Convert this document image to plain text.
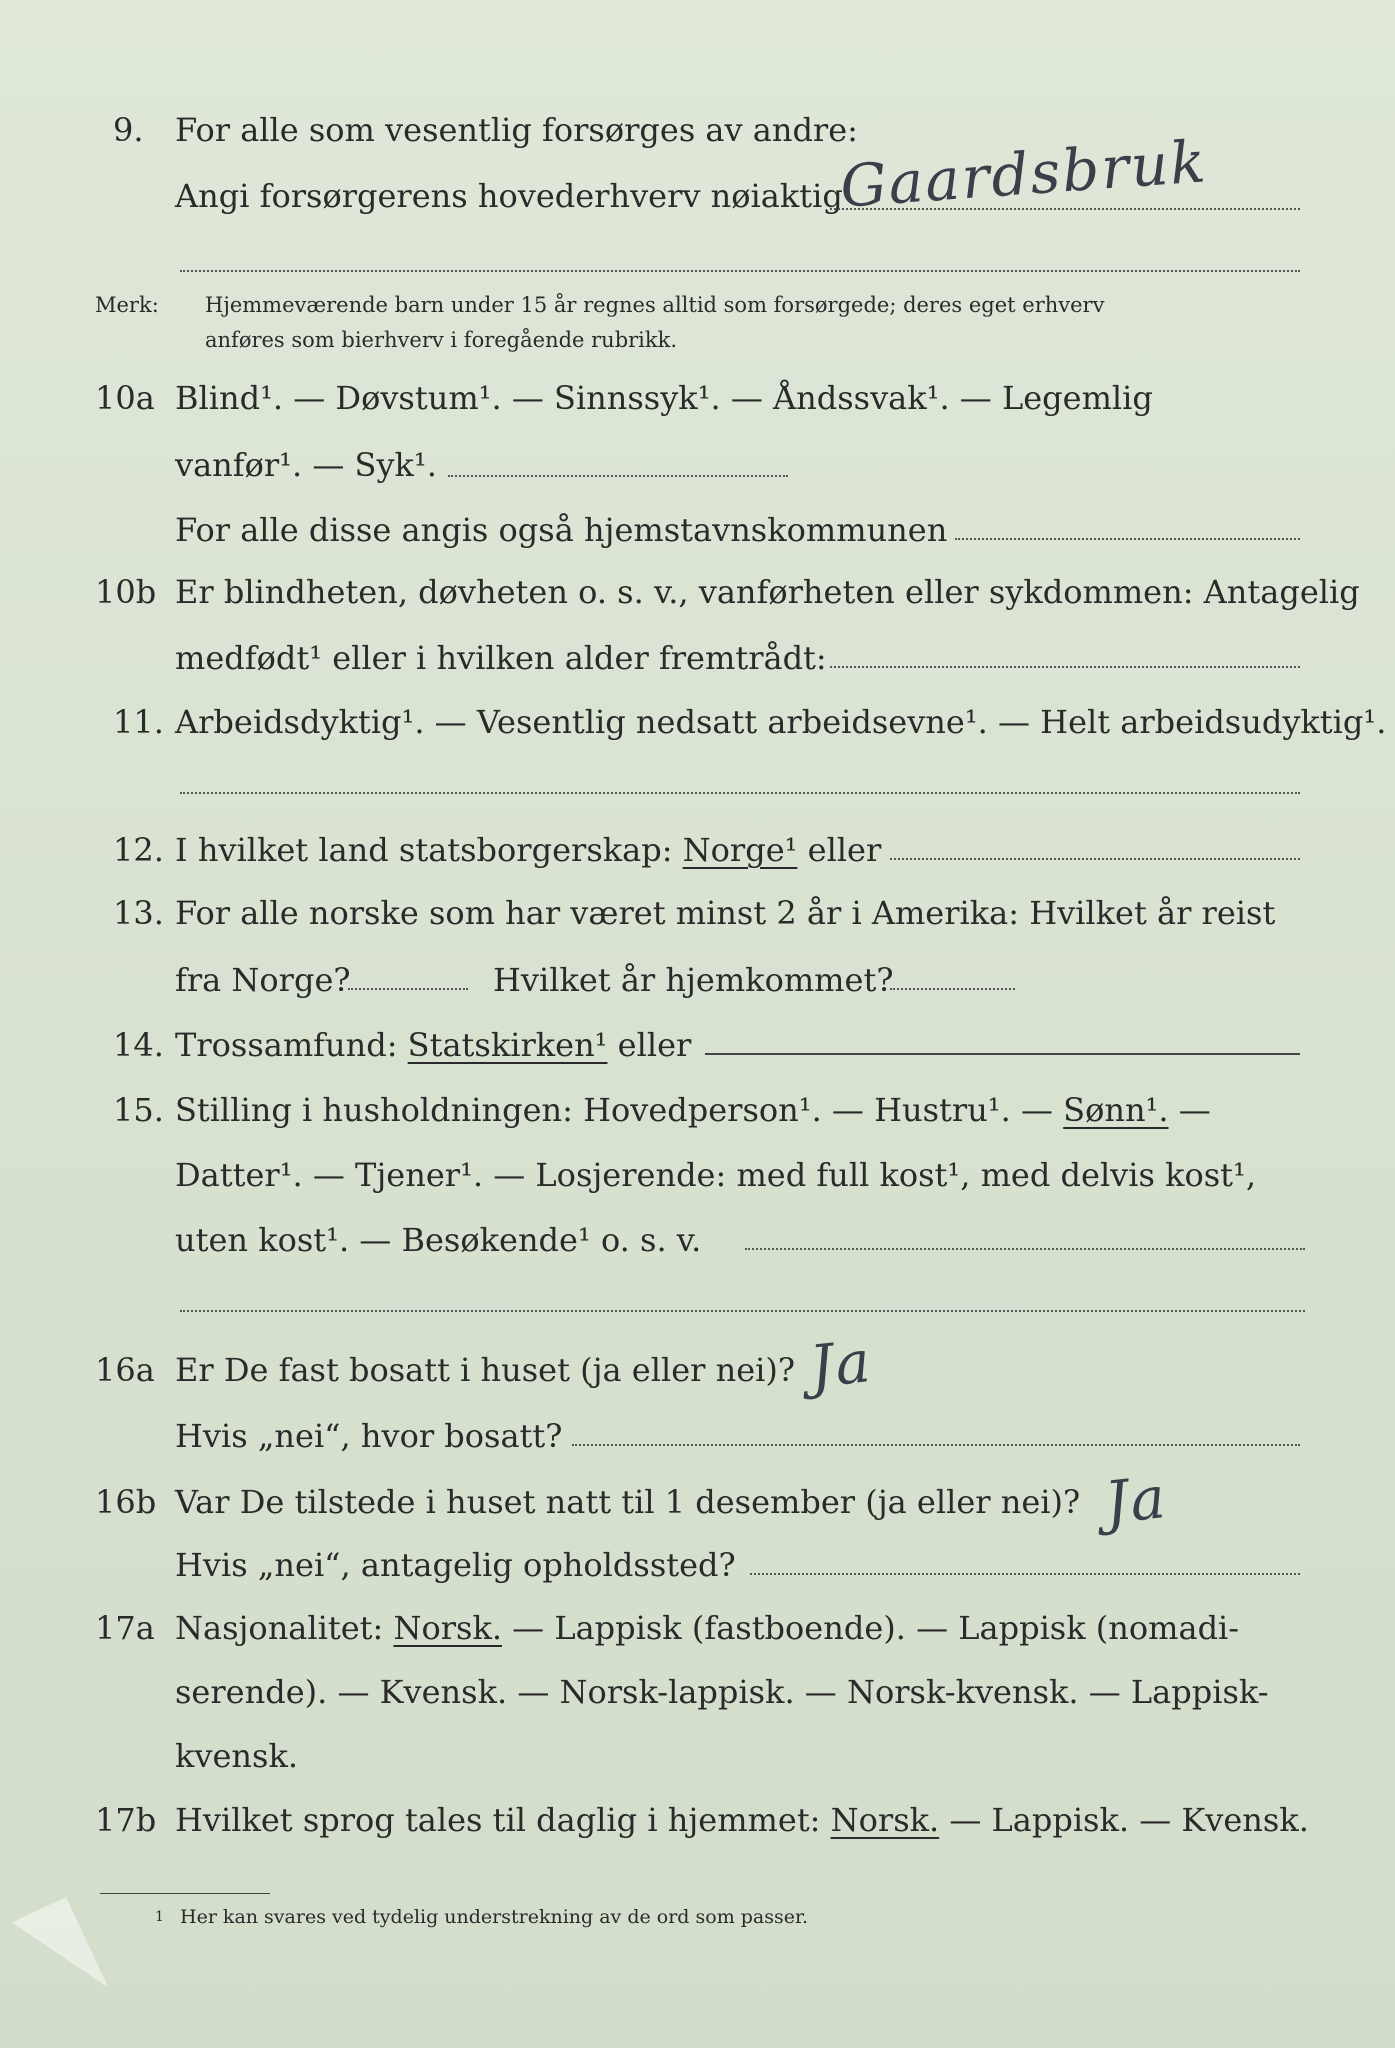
9. For alle som vesentlig forsørges av andre:
Angi forsørgerens hovederhverv nøiaktig
Gaardsbruk
Merk: Hjemmeværende barn under 15 år regnes alltid som forsørgede; deres eget erhverv
anføres som bierhverv i foregående rubrikk.
10a Blind¹. — Døvstum¹. — Sinnssyk¹. — Åndssvak¹. — Legemlig
vanfør¹. — Syk¹.
For alle disse angis også hjemstavnskommunen
10b Er blindheten, døvheten o. s. v., vanførheten eller sykdommen: Antagelig
medfødt¹ eller i hvilken alder fremtrådt:
11. Arbeidsdyktig¹. — Vesentlig nedsatt arbeidsevne¹. — Helt arbeidsudyktig¹.
12. I hvilket land statsborgerskap: Norge¹ eller
13. For alle norske som har været minst 2 år i Amerika: Hvilket år reist
fra Norge?	Hvilket år hjemkommet?
14. Trossamfund: Statskirken¹ eller
15. Stilling i husholdningen: Hovedperson¹. — Hustru¹. — Sønn¹. —
Datter¹. — Tjener¹. — Losjerende: med full kost¹, med delvis kost¹,
uten kost¹. — Besøkende¹ o. s. v.
16a Er De fast bosatt i huset (ja eller nei)? Ja
Hvis „nei“, hvor bosatt?
16b Var De tilstede i huset natt til 1 desember (ja eller nei)? Ja
Hvis „nei“, antagelig opholdssted?
17a Nasjonalitet: Norsk. — Lappisk (fastboende). — Lappisk (nomadi-
serende). — Kvensk. — Norsk-lappisk. — Norsk-kvensk. — Lappisk-
kvensk.
17b Hvilket sprog tales til daglig i hjemmet: Norsk. — Lappisk. — Kvensk.
1 Her kan svares ved tydelig understrekning av de ord som passer.
